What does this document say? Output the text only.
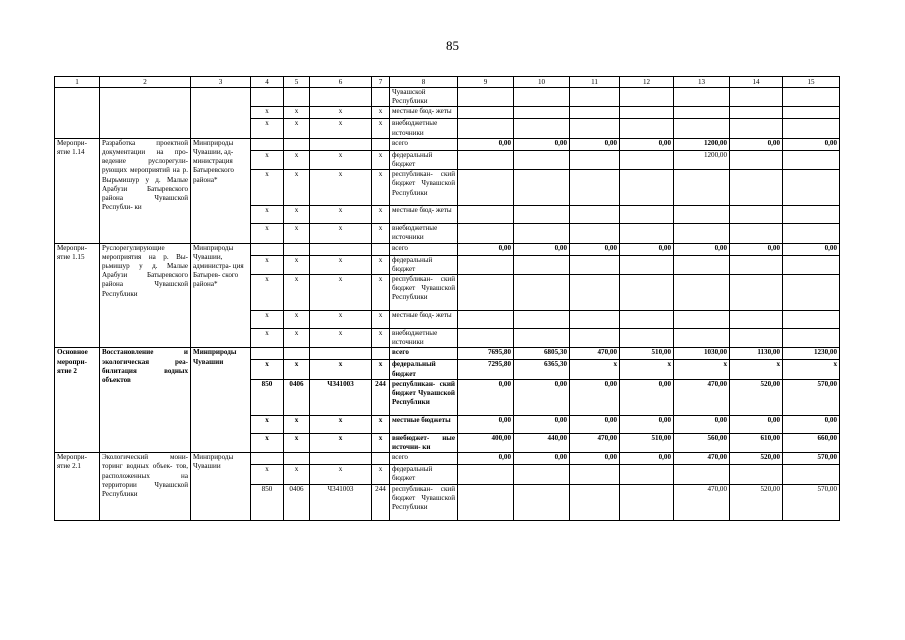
85
1	2	3	4	5	6	7	8	9	10	11	12	13	14	15
							Чувашской Республики							
			x	x	x	x	местные бюд- жеты							
			x	x	x	x	внебюджетные источники							
Меропри- ятие 1.14	Разработка проектной документации на про- ведение руслорегули- рующих мероприятий на р. Вырьмишур у д. Малые Арабузи Батыревского района Чувашской Республи- ки	Минприроды Чувашии, ад- министрация Батыревского района*					всего	0,00	0,00	0,00	0,00	1200,00	0,00	0,00
			x	x	x	x	федеральный бюджет					1200,00		
			x	x	x	x	республикан- ский бюджет Чувашской Республики							
			x	x	x	x	местные бюд- жеты							
			x	x	x	x	внебюджетные источники							
Меропри- ятие 1.15	Руслорегулирующие мероприятия на р. Вы- рьмишур у д. Малые Арабузи Батыревского района Чувашской Республики	Минприроды Чувашии, администра- ция Батырев- ского района*					всего	0,00	0,00	0,00	0,00	0,00	0,00	0,00
			x	x	x	x	федеральный бюджет							
			x	x	x	x	республикан- ский бюджет Чувашской Республики							
			x	x	x	x	местные бюд- жеты							
			x	x	x	x	внебюджетные источники							
Основное меропри- ятие 2	Восстановление и экологическая реа- билитация водных объектов	Минприроды Чувашии					всего	7695,80	6805,30	470,00	510,00	1030,00	1130,00	1230,00
			x	x	x	x	федеральный бюджет	7295,80	6365,30	x	x	x	x	x
			850	0406	Ч341003	244	республикан- ский бюджет Чувашской Республики	0,00	0,00	0,00	0,00	470,00	520,00	570,00
			x	x	x	x	местные бюджеты	0,00	0,00	0,00	0,00	0,00	0,00	0,00
			x	x	x	x	внебюджет- ные источни- ки	400,00	440,00	470,00	510,00	560,00	610,00	660,00
Меропри- ятие 2.1	Экологический мони- торинг водных объек- тов, расположенных на территории Чувашской Республики	Минприроды Чувашии					всего	0,00	0,00	0,00	0,00	470,00	520,00	570,00
			x	x	x	x	федеральный бюджет							
			850	0406	Ч341003	244	республикан- ский бюджет Чувашской Республики					470,00	520,00	570,00
